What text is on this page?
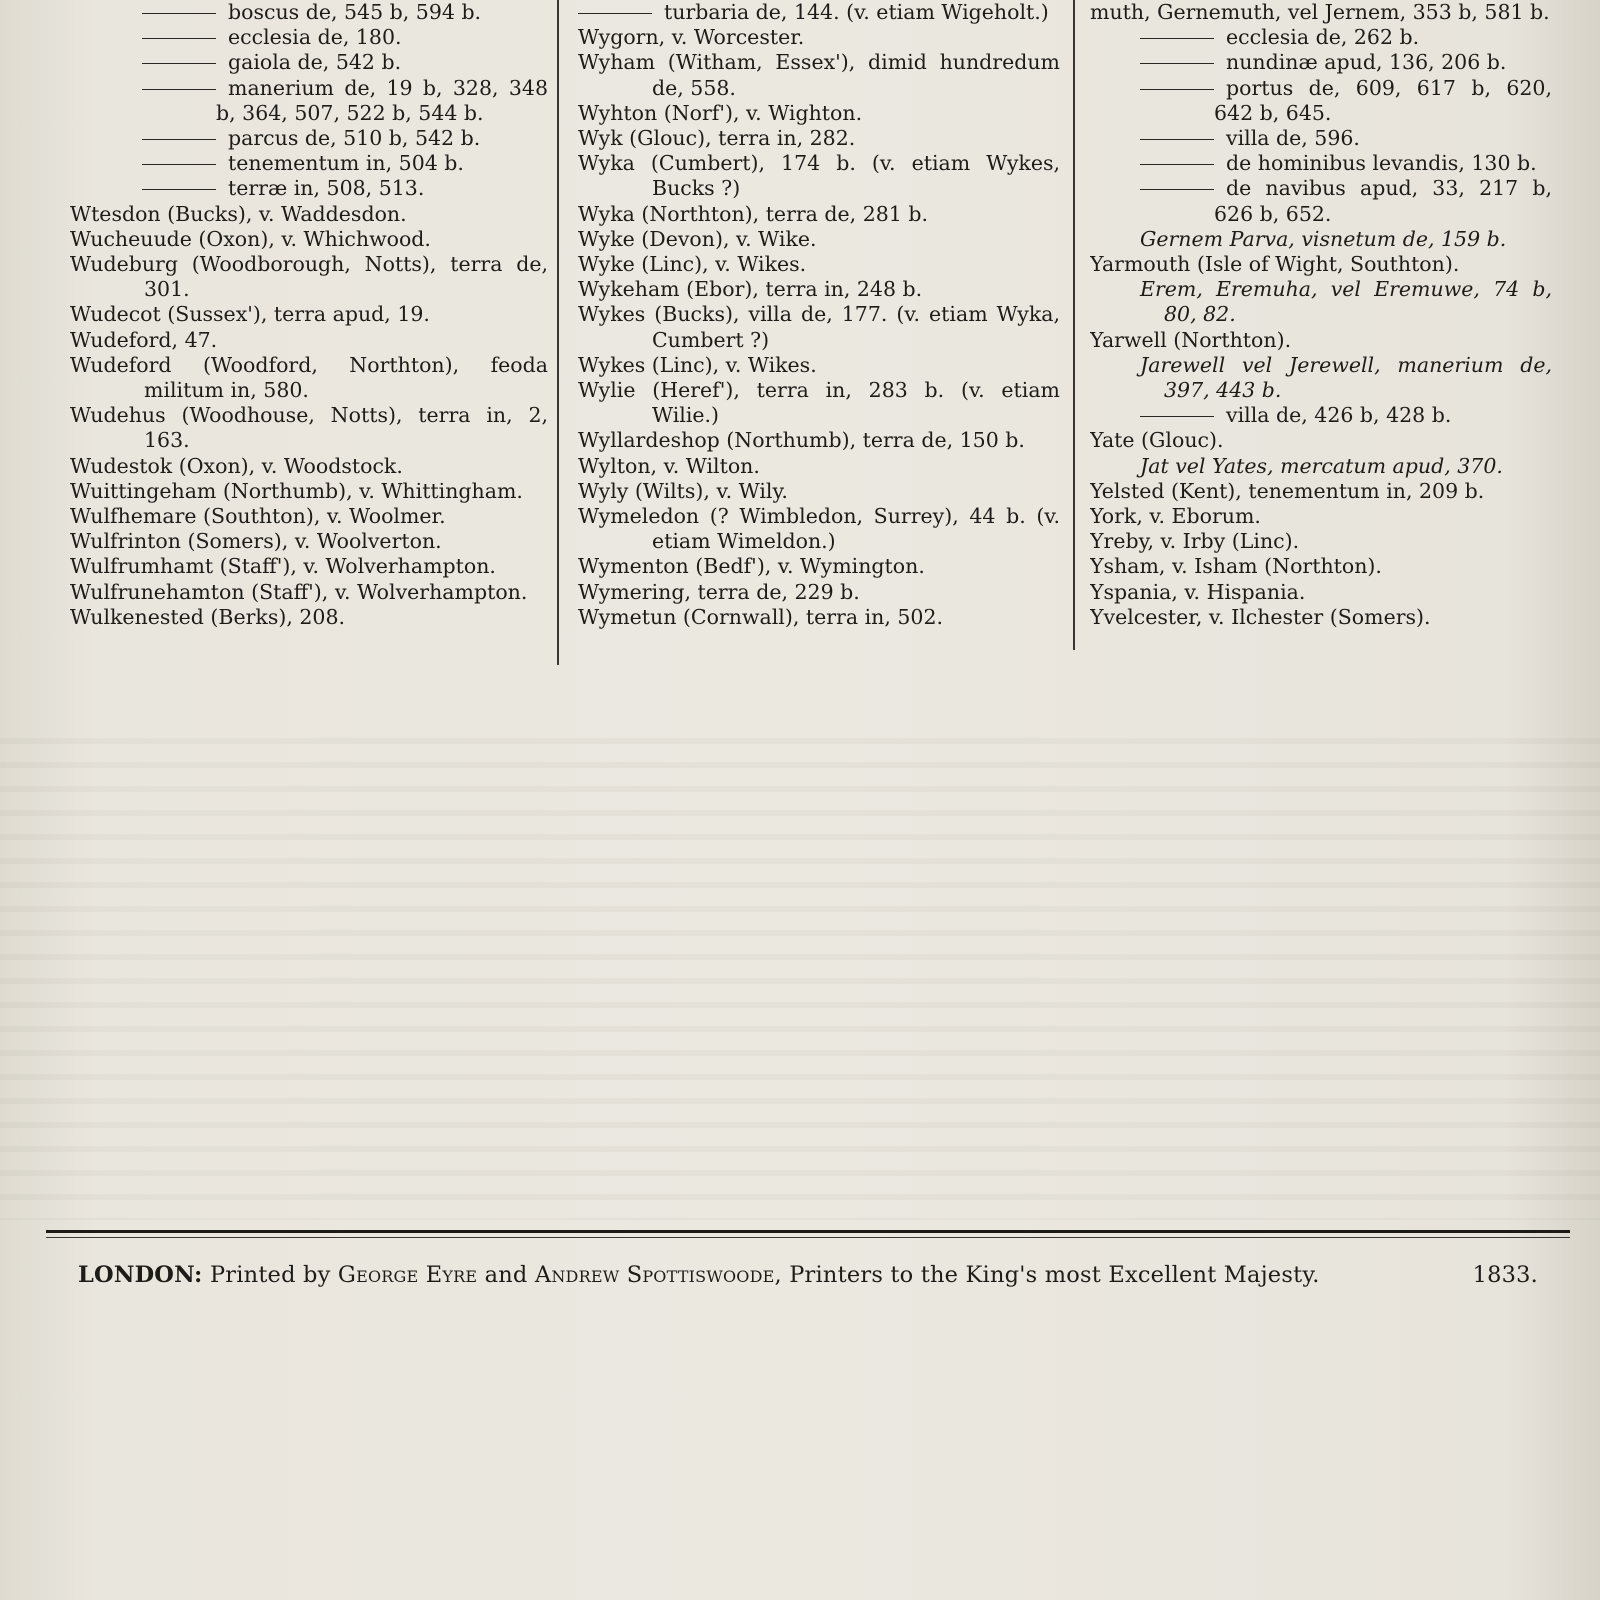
boscus de, 545 b, 594 b.

ecclesia de, 180.

gaiola de, 542 b.

manerium de, 19 b, 328, 348 b, 364, 507, 522 b, 544 b.

parcus de, 510 b, 542 b.

tenementum in, 504 b.

terræ in, 508, 513.

Wtesdon (Bucks), v. Waddesdon.

Wucheuude (Oxon), v. Whichwood.

Wudeburg (Woodborough, Notts), terra de, 301.

Wudecot (Sussex'), terra apud, 19.

Wudeford, 47.

Wudeford (Woodford, Northton), feoda militum in, 580.

Wudehus (Woodhouse, Notts), terra in, 2, 163.

Wudestok (Oxon), v. Woodstock.

Wuittingeham (Northumb), v. Whittingham.

Wulfhemare (Southton), v. Woolmer.

Wulfrinton (Somers), v. Woolverton.

Wulfrumhamt (Staff'), v. Wolverhampton.

Wulfrunehamton (Staff'), v. Wolverhampton.

Wulkenested (Berks), 208.

turbaria de, 144. (v. etiam Wigeholt.)

Wygorn, v. Worcester.

Wyham (Witham, Essex'), dimid hundredum de, 558.

Wyhton (Norf'), v. Wighton.

Wyk (Glouc), terra in, 282.

Wyka (Cumbert), 174 b. (v. etiam Wykes, Bucks ?)

Wyka (Northton), terra de, 281 b.

Wyke (Devon), v. Wike.

Wyke (Linc), v. Wikes.

Wykeham (Ebor), terra in, 248 b.

Wykes (Bucks), villa de, 177. (v. etiam Wyka, Cumbert ?)

Wykes (Linc), v. Wikes.

Wylie (Heref'), terra in, 283 b. (v. etiam Wilie.)

Wyllardeshop (Northumb), terra de, 150 b.

Wylton, v. Wilton.

Wyly (Wilts), v. Wily.

Wymeledon (? Wimbledon, Surrey), 44 b. (v. etiam Wimeldon.)

Wymenton (Bedf'), v. Wymington.

Wymering, terra de, 229 b.

Wymetun (Cornwall), terra in, 502.

muth, Gernemuth, vel Jernem, 353 b, 581 b.

ecclesia de, 262 b.

nundinæ apud, 136, 206 b.

portus de, 609, 617 b, 620, 642 b, 645.

villa de, 596.

de hominibus levandis, 130 b.

de navibus apud, 33, 217 b, 626 b, 652.

Gernem Parva, visnetum de, 159 b.

Yarmouth (Isle of Wight, Southton).

Erem, Eremuha, vel Eremuwe, 74 b, 80, 82.

Yarwell (Northton).

Jarewell vel Jerewell, manerium de, 397, 443 b.

villa de, 426 b, 428 b.

Yate (Glouc).

Jat vel Yates, mercatum apud, 370.

Yelsted (Kent), tenementum in, 209 b.

York, v. Eborum.

Yreby, v. Irby (Linc).

Ysham, v. Isham (Northton).

Yspania, v. Hispania.

Yvelcester, v. Ilchester (Somers).

LONDON: Printed by George Eyre and Andrew Spottiswoode, Printers to the King's most Excellent Majesty.	1833.
